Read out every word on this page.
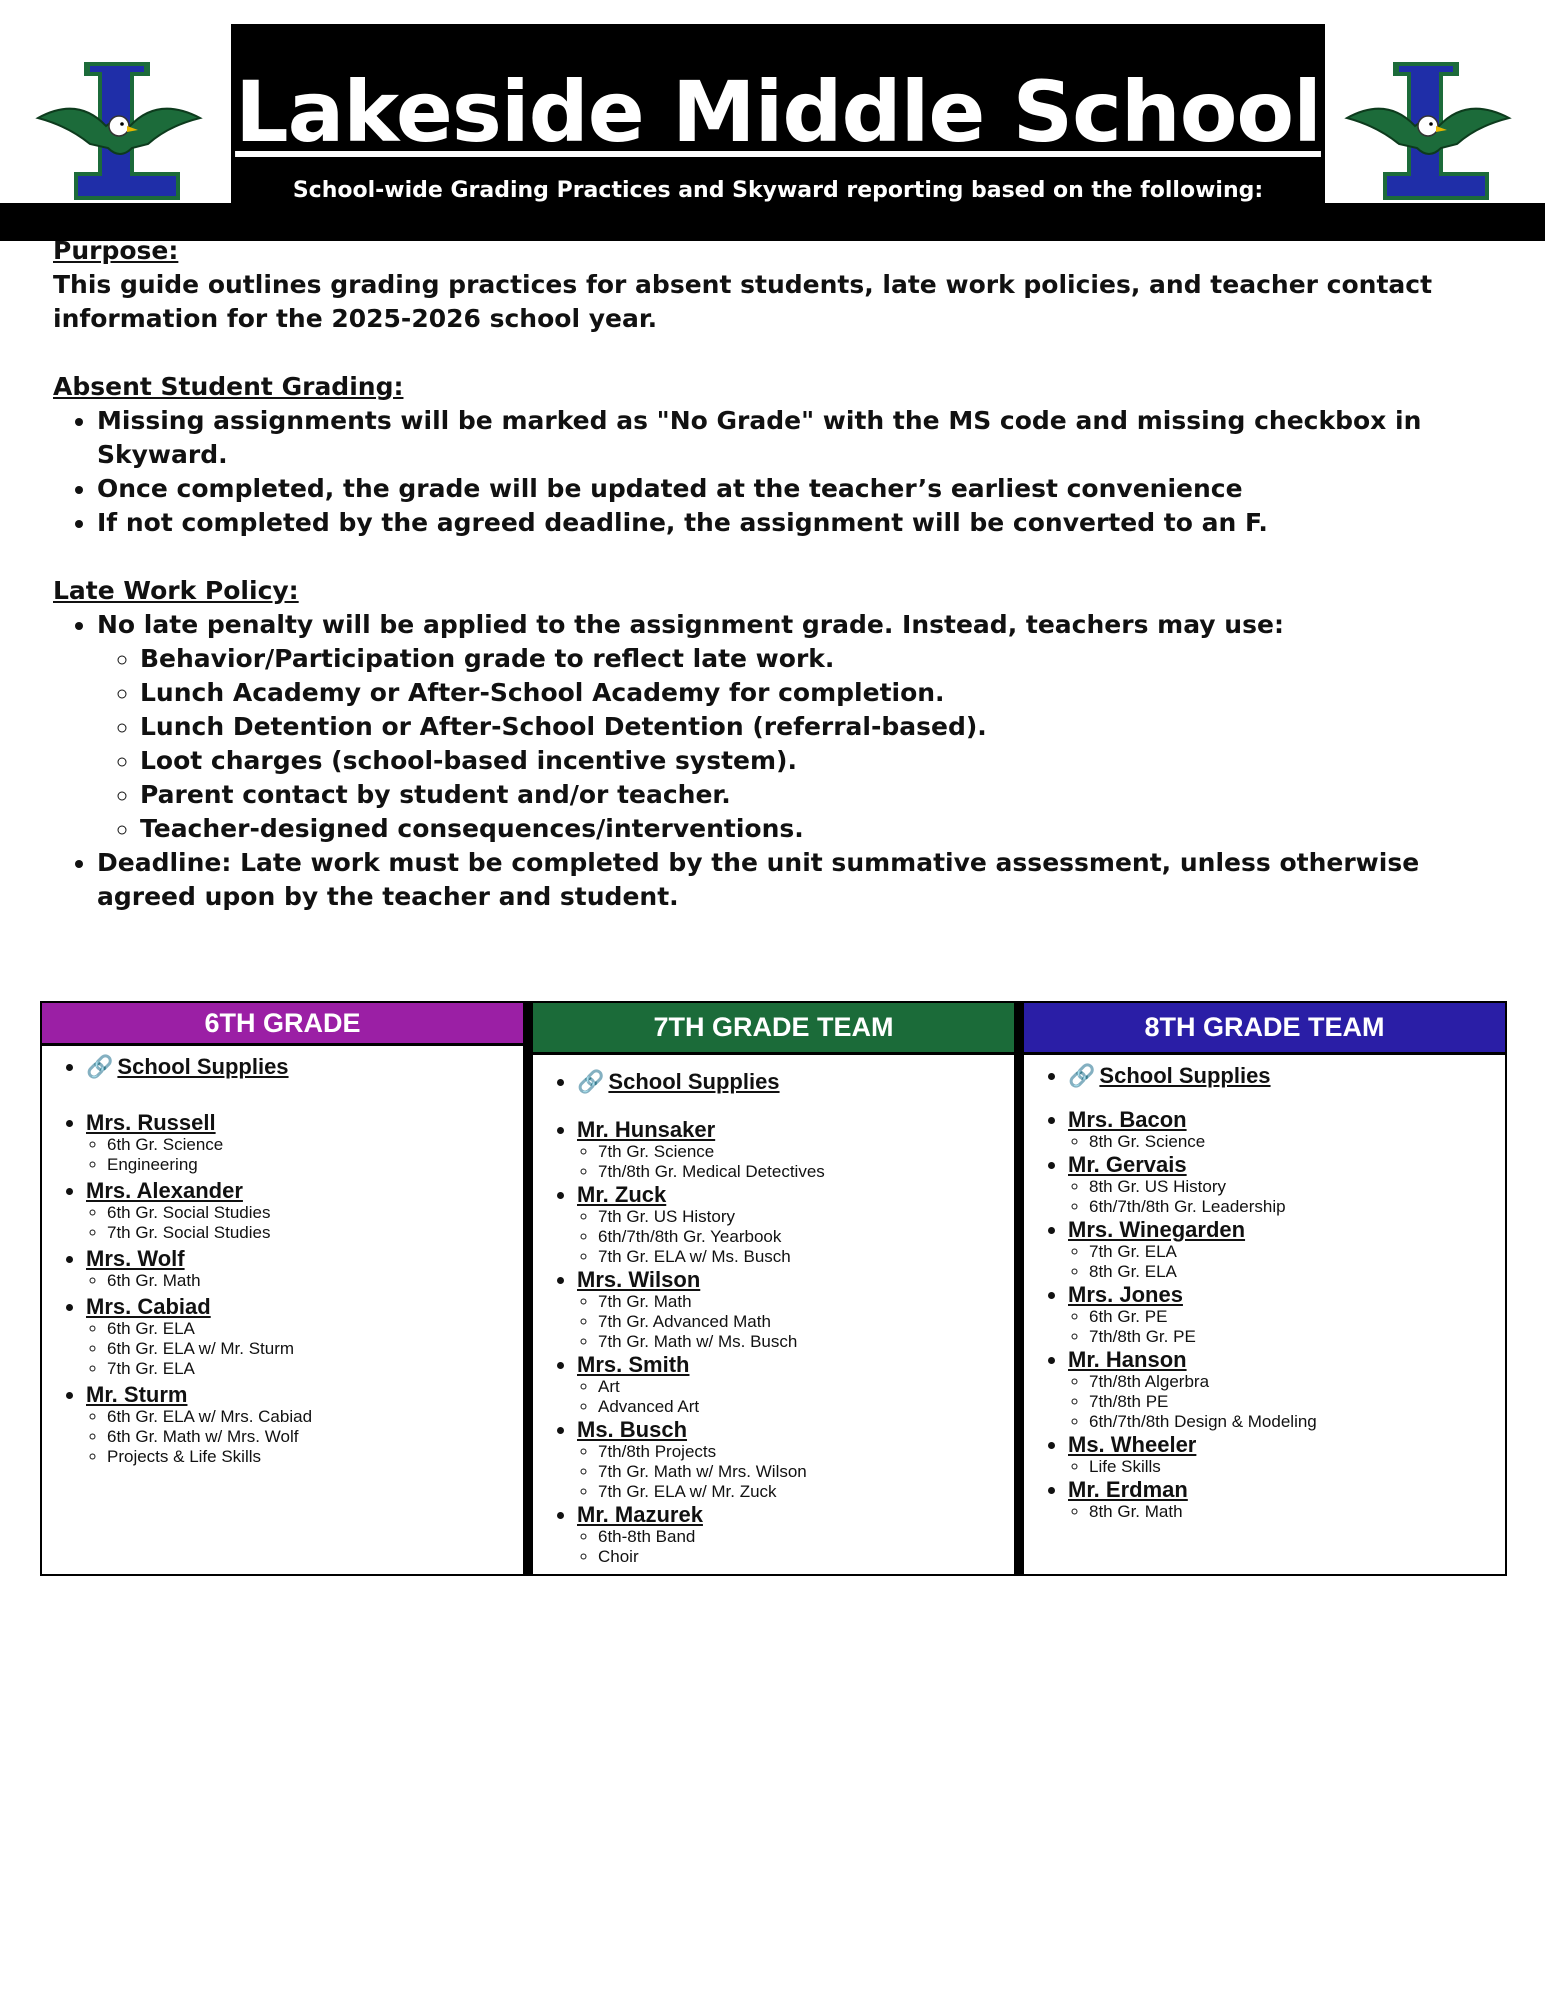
Lakeside Middle School
School-wide Grading Practices and Skyward reporting based on the following:
Purpose:
This guide outlines grading practices for absent students, late work policies, and teacher contact information for the 2025-2026 school year.
Absent Student Grading:
• Missing assignments will be marked as "No Grade" with the MS code and missing checkbox in Skyward.
• Once completed, the grade will be updated at the teacher’s earliest convenience
• If not completed by the agreed deadline, the assignment will be converted to an F.
Late Work Policy:
• No late penalty will be applied to the assignment grade. Instead, teachers may use:
◦ Behavior/Participation grade to reflect late work.
◦ Lunch Academy or After-School Academy for completion.
◦ Lunch Detention or After-School Detention (referral-based).
◦ Loot charges (school-based incentive system).
◦ Parent contact by student and/or teacher.
◦ Teacher-designed consequences/interventions.
• Deadline: Late work must be completed by the unit summative assessment, unless otherwise agreed upon by the teacher and student.
6TH GRADE
• 🔗 School Supplies
• Mrs. Russell
◦ 6th Gr. Science
◦ Engineering
• Mrs. Alexander
◦ 6th Gr. Social Studies
◦ 7th Gr. Social Studies
• Mrs. Wolf
◦ 6th Gr. Math
• Mrs. Cabiad
◦ 6th Gr. ELA
◦ 6th Gr. ELA w/ Mr. Sturm
◦ 7th Gr. ELA
• Mr. Sturm
◦ 6th Gr. ELA w/ Mrs. Cabiad
◦ 6th Gr. Math w/ Mrs. Wolf
◦ Projects & Life Skills
7TH GRADE TEAM
• 🔗 School Supplies
• Mr. Hunsaker
◦ 7th Gr. Science
◦ 7th/8th Gr. Medical Detectives
• Mr. Zuck
◦ 7th Gr. US History
◦ 6th/7th/8th Gr. Yearbook
◦ 7th Gr. ELA w/ Ms. Busch
• Mrs. Wilson
◦ 7th Gr. Math
◦ 7th Gr. Advanced Math
◦ 7th Gr. Math w/ Ms. Busch
• Mrs. Smith
◦ Art
◦ Advanced Art
• Ms. Busch
◦ 7th/8th Projects
◦ 7th Gr. Math w/ Mrs. Wilson
◦ 7th Gr. ELA w/ Mr. Zuck
• Mr. Mazurek
◦ 6th-8th Band
◦ Choir
8TH GRADE TEAM
• 🔗 School Supplies
• Mrs. Bacon
◦ 8th Gr. Science
• Mr. Gervais
◦ 8th Gr. US History
◦ 6th/7th/8th Gr. Leadership
• Mrs. Winegarden
◦ 7th Gr. ELA
◦ 8th Gr. ELA
• Mrs. Jones
◦ 6th Gr. PE
◦ 7th/8th Gr. PE
• Mr. Hanson
◦ 7th/8th Algerbra
◦ 7th/8th PE
◦ 6th/7th/8th Design & Modeling
• Ms. Wheeler
◦ Life Skills
• Mr. Erdman
◦ 8th Gr. Math
